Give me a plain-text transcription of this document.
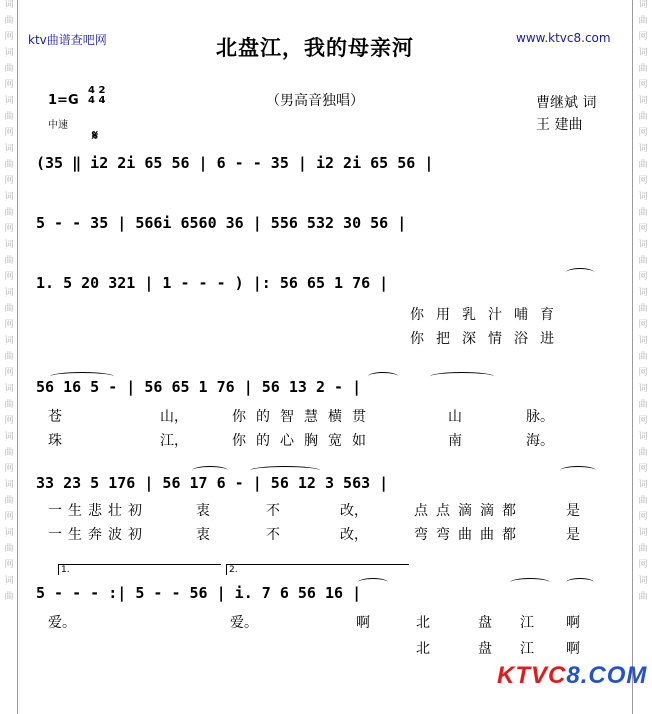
词
曲
网
词
曲
网
词
曲
网
词
曲
网
词
曲
网
词
曲
网
词
曲
网
词
曲
网
词
曲
网
词
曲
网
词
曲
网
词
曲
网
词
曲
词
曲
网
词
曲
网
词
曲
网
词
曲
网
词
曲
网
词
曲
网
词
曲
网
词
曲
网
词
曲
网
词
曲
网
词
曲
网
词
曲
网
词
曲
ktv曲谱查吧网	www.ktvc8.com
北盘江，我的母亲河
（男高音独唱）
1=G
4 2
4 4
中速
曹继斌 词
王 建曲
𝄋
(35 ‖ i2 2i 65 56 | 6 - - 35 | i2 2i 65 56 |
5 - - 35 | 566i 6560 36 | 556 532 30 56 |
1. 5 20 321 | 1 - - - ) |: 56 65 1 76 |
56 16 5 - | 56 65 1 76 | 56 13 2 - |
33 23 5 176 | 56 17 6 - | 56 12 3 563 |
5 - - - :| 5 - - 56 | i. 7 6 56 16 |
你用乳汁哺育
你把深情浴进
苍	山，	你的智慧横贯	山	脉。
珠	江，	你的心胸宽如	南	海。
一生悲壮初	衷	不	改，	点点滴滴都	是
一生奔波初	衷	不	改，	弯弯曲曲都	是
1.	2.
爱。	爱。	啊	北	盘 江 啊
北	盘 江 啊
KTVC8.COM
